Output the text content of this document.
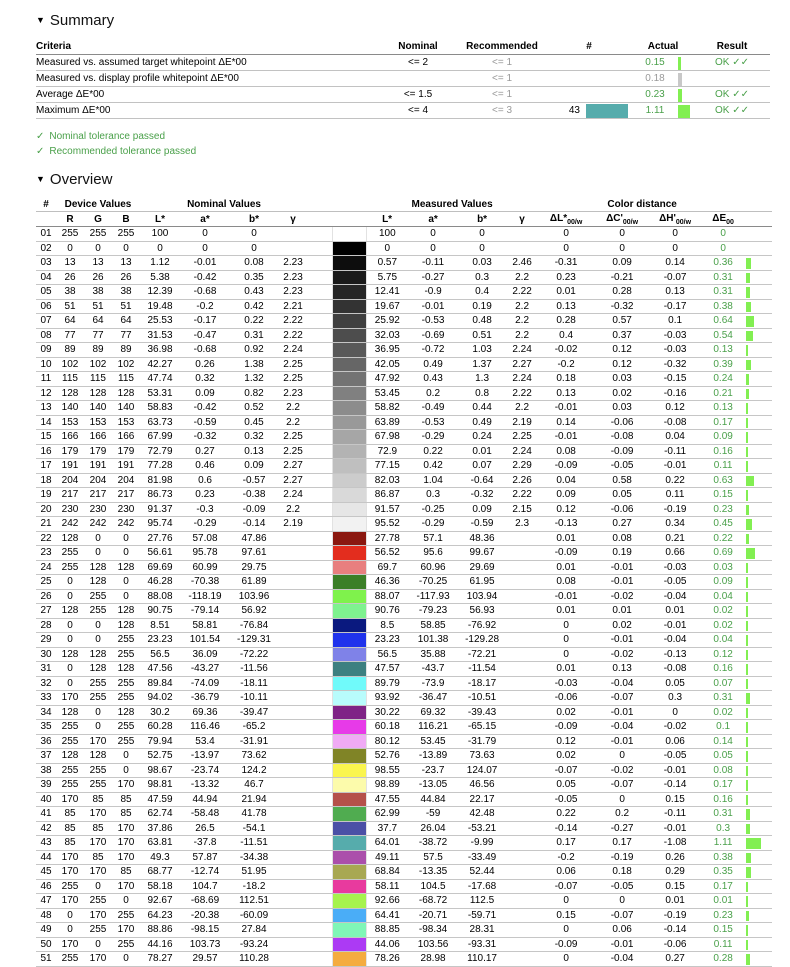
▼ Summary
Criteria	Nominal	Recommended	#		Actual		Result
Measured vs. assumed target whitepoint ΔE*00	<= 2	<= 1			0.15		OK ✓✓
Measured vs. display profile whitepoint ΔE*00		<= 1			0.18	

Average ΔE*00	<= 1.5	<= 1			0.23		OK ✓✓
Maximum ΔE*00	<= 4	<= 3	43		1.11		OK ✓✓
✓ Nominal tolerance passed
✓ Recommended tolerance passed
▼ Overview
#	Device Values			Nominal Values						Measured Values				Color distance				
	R	G	B	L*	a*	b*	γ			L*	a*	b*	γ	$\Delta L*_{00/w}$	$\Delta C'_{00/w}$	$\Delta H'_{00/w}$	$\Delta E_{00}$	
01	255	255	255	100	0	0				100	0	0		0	0	0	0	
02	0	0	0	0	0	0				0	0	0		0	0	0	0	
03	13	13	13	1.12	-0.01	0.08	2.23			0.57	-0.11	0.03	2.46	-0.31	0.09	0.14	0.36	

04	26	26	26	5.38	-0.42	0.35	2.23			5.75	-0.27	0.3	2.2	0.23	-0.21	-0.07	0.31	

05	38	38	38	12.39	-0.68	0.43	2.23			12.41	-0.9	0.4	2.22	0.01	0.28	0.13	0.31	

06	51	51	51	19.48	-0.2	0.42	2.21			19.67	-0.01	0.19	2.2	0.13	-0.32	-0.17	0.38	

07	64	64	64	25.53	-0.17	0.22	2.22			25.92	-0.53	0.48	2.2	0.28	0.57	0.1	0.64	

08	77	77	77	31.53	-0.47	0.31	2.22			32.03	-0.69	0.51	2.2	0.4	0.37	-0.03	0.54	

09	89	89	89	36.98	-0.68	0.92	2.24			36.95	-0.72	1.03	2.24	-0.02	0.12	-0.03	0.13	

10	102	102	102	42.27	0.26	1.38	2.25			42.05	0.49	1.37	2.27	-0.2	0.12	-0.32	0.39	

11	115	115	115	47.74	0.32	1.32	2.25			47.92	0.43	1.3	2.24	0.18	0.03	-0.15	0.24	

12	128	128	128	53.31	0.09	0.82	2.23			53.45	0.2	0.8	2.22	0.13	0.02	-0.16	0.21	

13	140	140	140	58.83	-0.42	0.52	2.2			58.82	-0.49	0.44	2.2	-0.01	0.03	0.12	0.13	

14	153	153	153	63.73	-0.59	0.45	2.2			63.89	-0.53	0.49	2.19	0.14	-0.06	-0.08	0.17	

15	166	166	166	67.99	-0.32	0.32	2.25			67.98	-0.29	0.24	2.25	-0.01	-0.08	0.04	0.09	

16	179	179	179	72.79	0.27	0.13	2.25			72.9	0.22	0.01	2.24	0.08	-0.09	-0.11	0.16	

17	191	191	191	77.28	0.46	0.09	2.27			77.15	0.42	0.07	2.29	-0.09	-0.05	-0.01	0.11	

18	204	204	204	81.98	0.6	-0.57	2.27			82.03	1.04	-0.64	2.26	0.04	0.58	0.22	0.63	

19	217	217	217	86.73	0.23	-0.38	2.24			86.87	0.3	-0.32	2.22	0.09	0.05	0.11	0.15	

20	230	230	230	91.37	-0.3	-0.09	2.2			91.57	-0.25	0.09	2.15	0.12	-0.06	-0.19	0.23	

21	242	242	242	95.74	-0.29	-0.14	2.19			95.52	-0.29	-0.59	2.3	-0.13	0.27	0.34	0.45	

22	128	0	0	27.76	57.08	47.86				27.78	57.1	48.36		0.01	0.08	0.21	0.22	

23	255	0	0	56.61	95.78	97.61				56.52	95.6	99.67		-0.09	0.19	0.66	0.69	

24	255	128	128	69.69	60.99	29.75				69.7	60.96	29.69		0.01	-0.01	-0.03	0.03	

25	0	128	0	46.28	-70.38	61.89				46.36	-70.25	61.95		0.08	-0.01	-0.05	0.09	

26	0	255	0	88.08	-118.19	103.96				88.07	-117.93	103.94		-0.01	-0.02	-0.04	0.04	

27	128	255	128	90.75	-79.14	56.92				90.76	-79.23	56.93		0.01	0.01	0.01	0.02	

28	0	0	128	8.51	58.81	-76.84				8.5	58.85	-76.92		0	0.02	-0.01	0.02	

29	0	0	255	23.23	101.54	-129.31				23.23	101.38	-129.28		0	-0.01	-0.04	0.04	

30	128	128	255	56.5	36.09	-72.22				56.5	35.88	-72.21		0	-0.02	-0.13	0.12	

31	0	128	128	47.56	-43.27	-11.56				47.57	-43.7	-11.54		0.01	0.13	-0.08	0.16	

32	0	255	255	89.84	-74.09	-18.11				89.79	-73.9	-18.17		-0.03	-0.04	0.05	0.07	

33	170	255	255	94.02	-36.79	-10.11				93.92	-36.47	-10.51		-0.06	-0.07	0.3	0.31	

34	128	0	128	30.2	69.36	-39.47				30.22	69.32	-39.43		0.02	-0.01	0	0.02	

35	255	0	255	60.28	116.46	-65.2				60.18	116.21	-65.15		-0.09	-0.04	-0.02	0.1	

36	255	170	255	79.94	53.4	-31.91				80.12	53.45	-31.79		0.12	-0.01	0.06	0.14	

37	128	128	0	52.75	-13.97	73.62				52.76	-13.89	73.63		0.02	0	-0.05	0.05	

38	255	255	0	98.67	-23.74	124.2				98.55	-23.7	124.07		-0.07	-0.02	-0.01	0.08	

39	255	255	170	98.81	-13.32	46.7				98.89	-13.05	46.56		0.05	-0.07	-0.14	0.17	

40	170	85	85	47.59	44.94	21.94				47.55	44.84	22.17		-0.05	0	0.15	0.16	

41	85	170	85	62.74	-58.48	41.78				62.99	-59	42.48		0.22	0.2	-0.11	0.31	

42	85	85	170	37.86	26.5	-54.1				37.7	26.04	-53.21		-0.14	-0.27	-0.01	0.3	

43	85	170	170	63.81	-37.8	-11.51				64.01	-38.72	-9.99		0.17	0.17	-1.08	1.11	

44	170	85	170	49.3	57.87	-34.38				49.11	57.5	-33.49		-0.2	-0.19	0.26	0.38	

45	170	170	85	68.77	-12.74	51.95				68.84	-13.35	52.44		0.06	0.18	0.29	0.35	

46	255	0	170	58.18	104.7	-18.2				58.11	104.5	-17.68		-0.07	-0.05	0.15	0.17	

47	170	255	0	92.67	-68.69	112.51				92.66	-68.72	112.5		0	0	0.01	0.01	

48	0	170	255	64.23	-20.38	-60.09				64.41	-20.71	-59.71		0.15	-0.07	-0.19	0.23	

49	0	255	170	88.86	-98.15	27.84				88.85	-98.34	28.31		0	0.06	-0.14	0.15	

50	170	0	255	44.16	103.73	-93.24				44.06	103.56	-93.31		-0.09	-0.01	-0.06	0.11	

51	255	170	0	78.27	29.57	110.28				78.26	28.98	110.17		0	-0.04	0.27	0.28	
